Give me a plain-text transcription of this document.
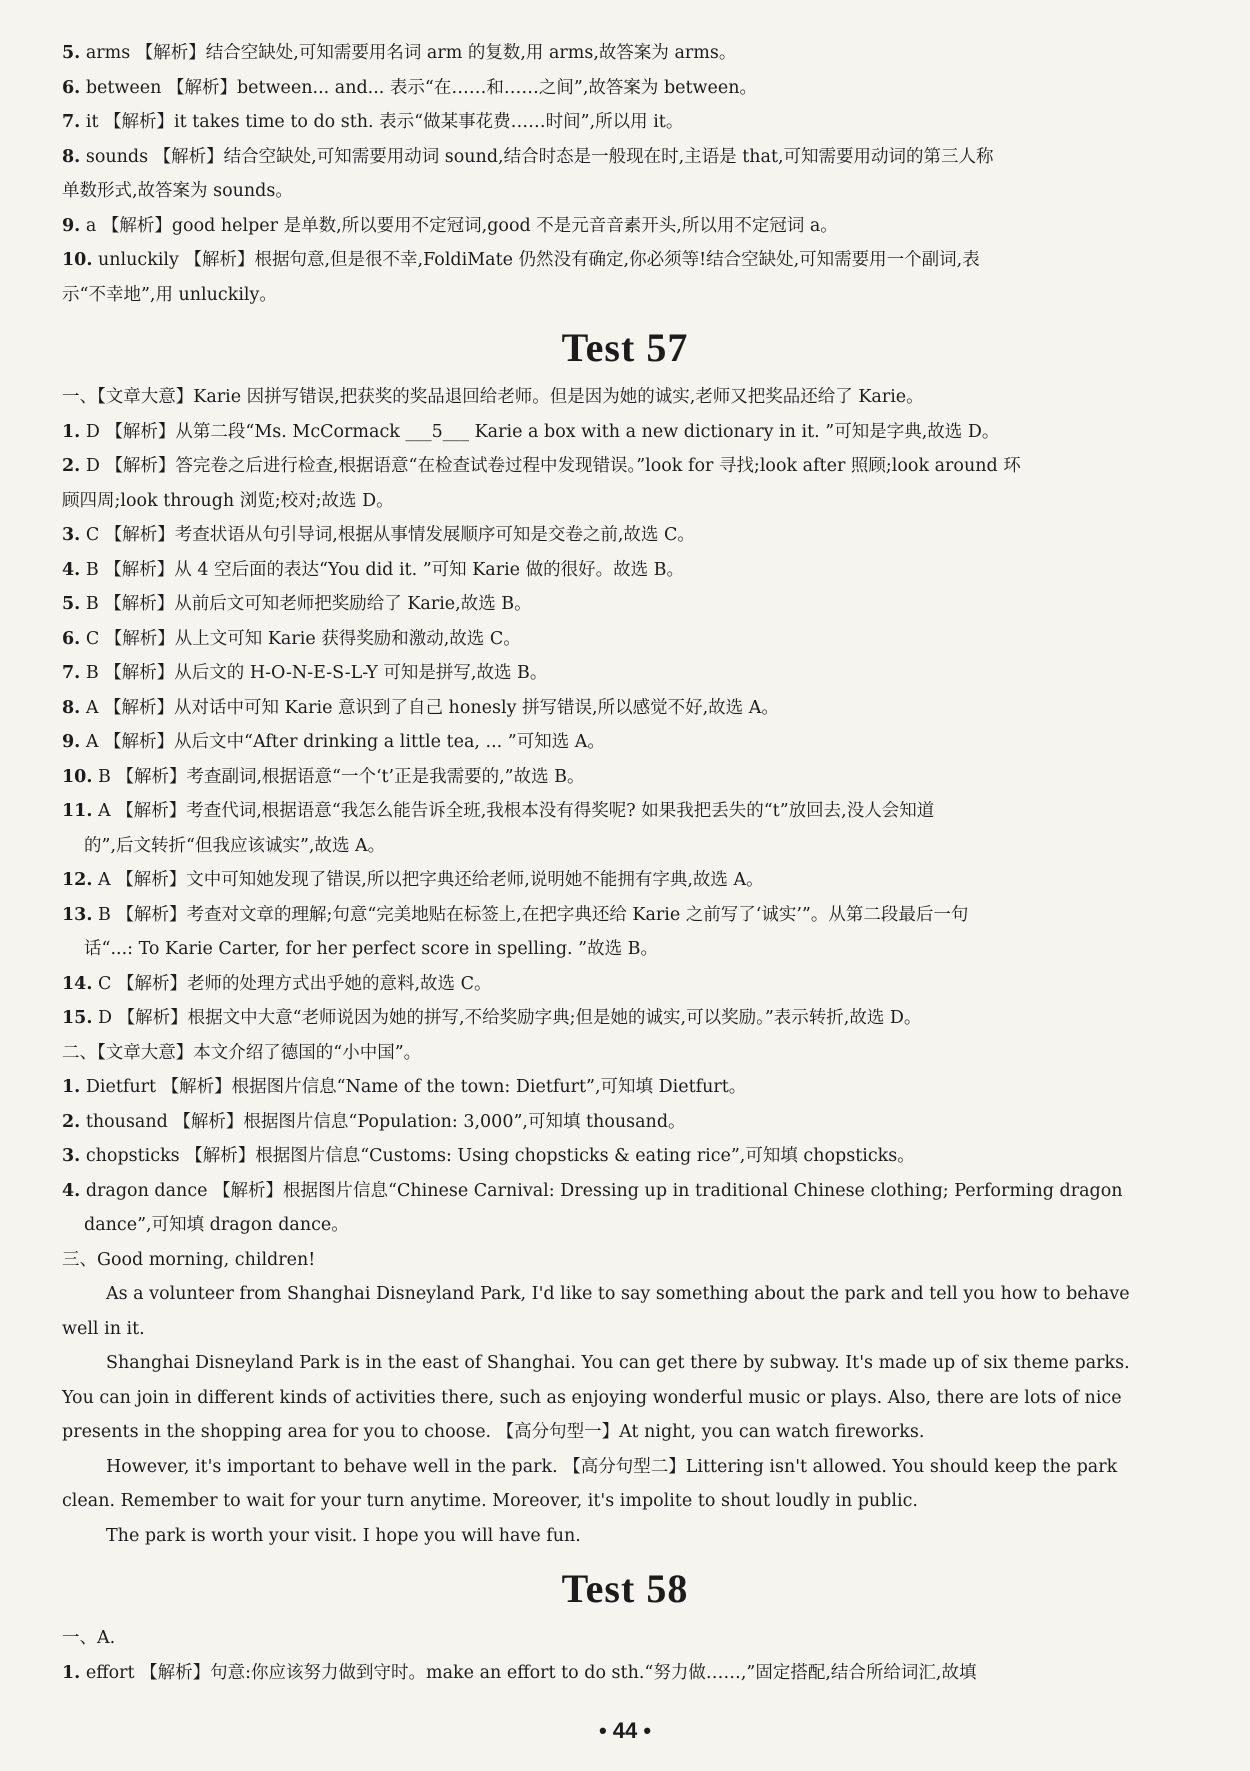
5. arms 【解析】结合空缺处,可知需要用名词 arm 的复数,用 arms,故答案为 arms。

6. between 【解析】between... and... 表示“在……和……之间”,故答案为 between。

7. it 【解析】it takes time to do sth. 表示“做某事花费……时间”,所以用 it。

8. sounds 【解析】结合空缺处,可知需要用动词 sound,结合时态是一般现在时,主语是 that,可知需要用动词的第三人称

单数形式,故答案为 sounds。

9. a 【解析】good helper 是单数,所以要用不定冠词,good 不是元音音素开头,所以用不定冠词 a。

10. unluckily 【解析】根据句意,但是很不幸,FoldiMate 仍然没有确定,你必须等!结合空缺处,可知需要用一个副词,表

示“不幸地”,用 unluckily。

Test 57

一、【文章大意】Karie 因拼写错误,把获奖的奖品退回给老师。但是因为她的诚实,老师又把奖品还给了 Karie。

1. D 【解析】从第二段“Ms. McCormack ___5___ Karie a box with a new dictionary in it. ”可知是字典,故选 D。

2. D 【解析】答完卷之后进行检查,根据语意“在检查试卷过程中发现错误。”look for 寻找;look after 照顾;look around 环

顾四周;look through 浏览;校对;故选 D。

3. C 【解析】考查状语从句引导词,根据从事情发展顺序可知是交卷之前,故选 C。

4. B 【解析】从 4 空后面的表达“You did it. ”可知 Karie 做的很好。故选 B。

5. B 【解析】从前后文可知老师把奖励给了 Karie,故选 B。

6. C 【解析】从上文可知 Karie 获得奖励和激动,故选 C。

7. B 【解析】从后文的 H-O-N-E-S-L-Y 可知是拼写,故选 B。

8. A 【解析】从对话中可知 Karie 意识到了自己 honesly 拼写错误,所以感觉不好,故选 A。

9. A 【解析】从后文中“After drinking a little tea, ... ”可知选 A。

10. B 【解析】考查副词,根据语意“一个‘t’正是我需要的,”故选 B。

11. A 【解析】考查代词,根据语意“我怎么能告诉全班,我根本没有得奖呢? 如果我把丢失的“t”放回去,没人会知道

的”,后文转折“但我应该诚实”,故选 A。

12. A 【解析】文中可知她发现了错误,所以把字典还给老师,说明她不能拥有字典,故选 A。

13. B 【解析】考查对文章的理解;句意“完美地贴在标签上,在把字典还给 Karie 之前写了‘诚实’”。从第二段最后一句

话“...: To Karie Carter, for her perfect score in spelling. ”故选 B。

14. C 【解析】老师的处理方式出乎她的意料,故选 C。

15. D 【解析】根据文中大意“老师说因为她的拼写,不给奖励字典;但是她的诚实,可以奖励。”表示转折,故选 D。

二、【文章大意】本文介绍了德国的“小中国”。

1. Dietfurt 【解析】根据图片信息“Name of the town: Dietfurt”,可知填 Dietfurt。

2. thousand 【解析】根据图片信息“Population: 3,000”,可知填 thousand。

3. chopsticks 【解析】根据图片信息“Customs: Using chopsticks & eating rice”,可知填 chopsticks。

4. dragon dance 【解析】根据图片信息“Chinese Carnival: Dressing up in traditional Chinese clothing; Performing dragon

dance”,可知填 dragon dance。

三、Good morning, children!

As a volunteer from Shanghai Disneyland Park, I'd like to say something about the park and tell you how to behave

well in it.

Shanghai Disneyland Park is in the east of Shanghai. You can get there by subway. It's made up of six theme parks.

You can join in different kinds of activities there, such as enjoying wonderful music or plays. Also, there are lots of nice

presents in the shopping area for you to choose. 【高分句型一】At night, you can watch fireworks.

However, it's important to behave well in the park. 【高分句型二】Littering isn't allowed. You should keep the park

clean. Remember to wait for your turn anytime. Moreover, it's impolite to shout loudly in public.

The park is worth your visit. I hope you will have fun.

Test 58

一、A.

1. effort 【解析】句意:你应该努力做到守时。make an effort to do sth.“努力做……,”固定搭配,结合所给词汇,故填

• 44 •
